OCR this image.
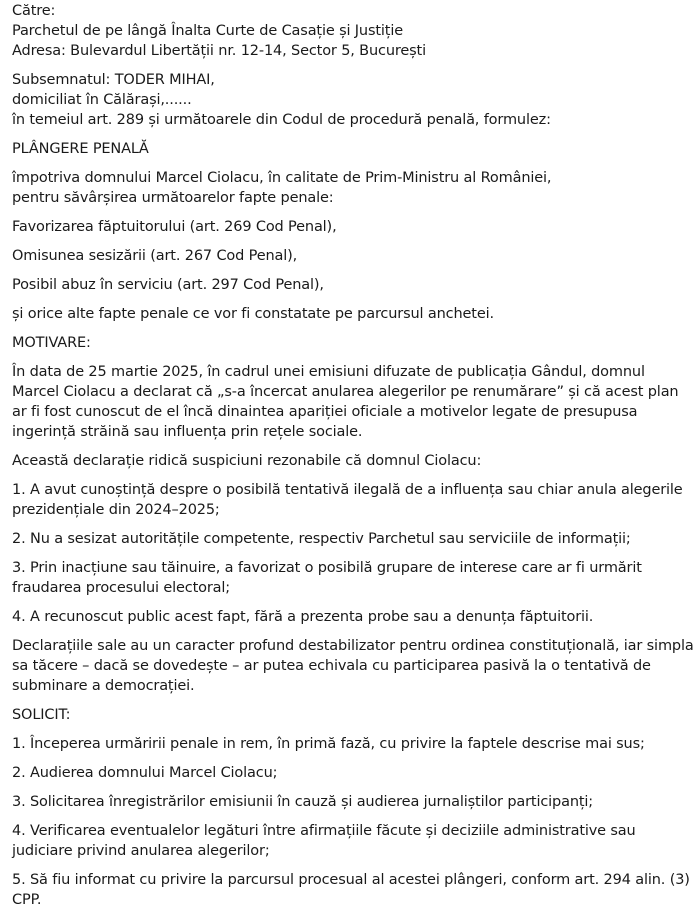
Către:
Parchetul de pe lângă Înalta Curte de Casație și Justiție
Adresa: Bulevardul Libertății nr. 12-14, Sector 5, București
Subsemnatul: TODER MIHAI,
domiciliat în Călărași,......
în temeiul art. 289 și următoarele din Codul de procedură penală, formulez:
PLÂNGERE PENALĂ
împotriva domnului Marcel Ciolacu, în calitate de Prim-Ministru al României,
pentru săvârșirea următoarelor fapte penale:
Favorizarea făptuitorului (art. 269 Cod Penal),
Omisunea sesizării (art. 267 Cod Penal),
Posibil abuz în serviciu (art. 297 Cod Penal),
și orice alte fapte penale ce vor fi constatate pe parcursul anchetei.
MOTIVARE:
În data de 25 martie 2025, în cadrul unei emisiuni difuzate de publicația Gândul, domnul Marcel Ciolacu a declarat că „s-a încercat anularea alegerilor pe renumărare” și că acest plan ar fi fost cunoscut de el încă dinaintea apariției oficiale a motivelor legate de presupusa ingerință străină sau influența prin rețele sociale.
Această declarație ridică suspiciuni rezonabile că domnul Ciolacu:
1. A avut cunoștință despre o posibilă tentativă ilegală de a influența sau chiar anula alegerile prezidențiale din 2024–2025;
2. Nu a sesizat autoritățile competente, respectiv Parchetul sau serviciile de informații;
3. Prin inacțiune sau tăinuire, a favorizat o posibilă grupare de interese care ar fi urmărit fraudarea procesului electoral;
4. A recunoscut public acest fapt, fără a prezenta probe sau a denunța făptuitorii.
Declarațiile sale au un caracter profund destabilizator pentru ordinea constituțională, iar simpla sa tăcere – dacă se dovedește – ar putea echivala cu participarea pasivă la o tentativă de subminare a democrației.
SOLICIT:
1. Începerea urmăririi penale in rem, în primă fază, cu privire la faptele descrise mai sus;
2. Audierea domnului Marcel Ciolacu;
3. Solicitarea înregistrărilor emisiunii în cauză și audierea jurnaliștilor participanți;
4. Verificarea eventualelor legături între afirmațiile făcute și deciziile administrative sau judiciare privind anularea alegerilor;
5. Să fiu informat cu privire la parcursul procesual al acestei plângeri, conform art. 294 alin. (3) CPP.
